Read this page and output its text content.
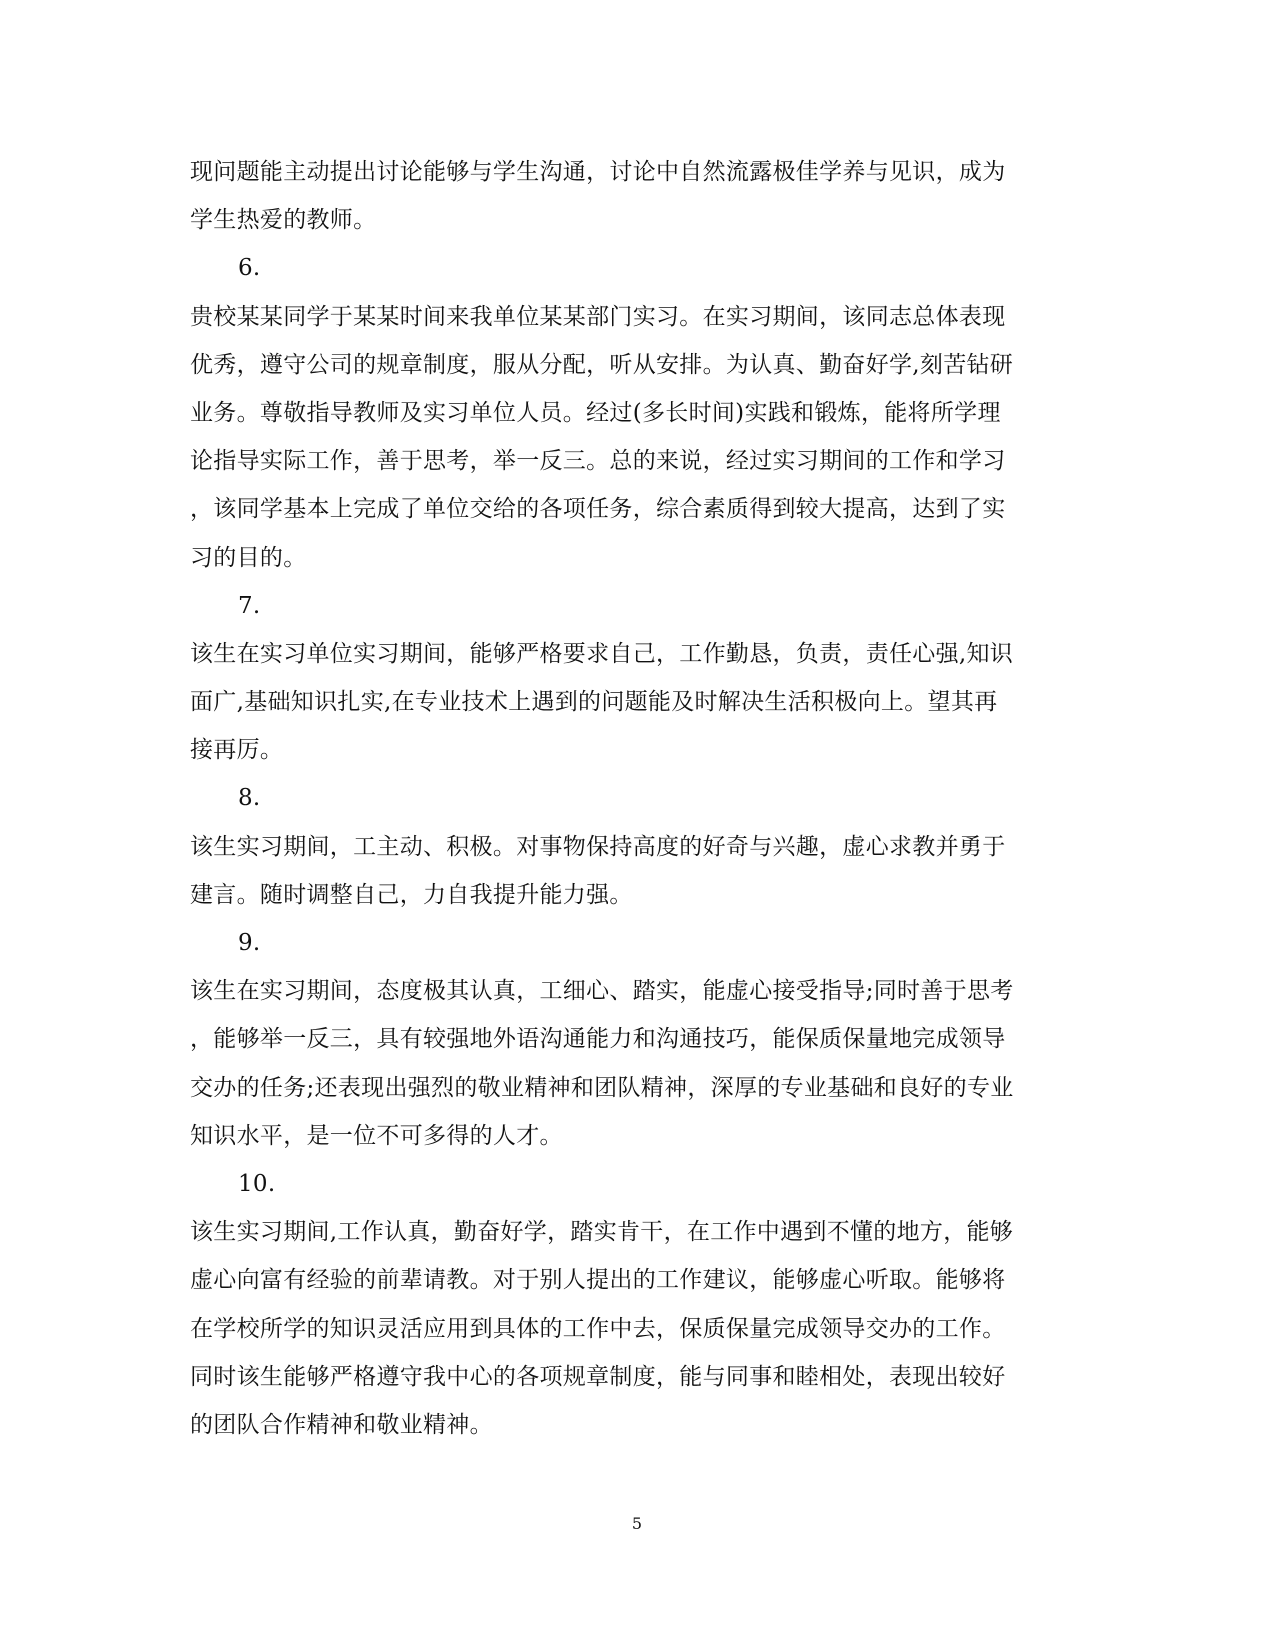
现问题能主动提出讨论能够与学生沟通，讨论中自然流露极佳学养与见识，成为
学生热爱的教师。
6.
贵校某某同学于某某时间来我单位某某部门实习。在实习期间，该同志总体表现
优秀，遵守公司的规章制度，服从分配，听从安排。为认真、勤奋好学,刻苦钻研
业务。尊敬指导教师及实习单位人员。经过(多长时间)实践和锻炼，能将所学理
论指导实际工作，善于思考，举一反三。总的来说，经过实习期间的工作和学习
，该同学基本上完成了单位交给的各项任务，综合素质得到较大提高，达到了实
习的目的。
7.
该生在实习单位实习期间，能够严格要求自己，工作勤恳，负责，责任心强,知识
面广,基础知识扎实,在专业技术上遇到的问题能及时解决生活积极向上。望其再
接再厉。
8.
该生实习期间，工主动、积极。对事物保持高度的好奇与兴趣，虚心求教并勇于
建言。随时调整自己，力自我提升能力强。
9.
该生在实习期间，态度极其认真，工细心、踏实，能虚心接受指导;同时善于思考
，能够举一反三，具有较强地外语沟通能力和沟通技巧，能保质保量地完成领导
交办的任务;还表现出强烈的敬业精神和团队精神，深厚的专业基础和良好的专业
知识水平，是一位不可多得的人才。
10.
该生实习期间,工作认真，勤奋好学，踏实肯干，在工作中遇到不懂的地方，能够
虚心向富有经验的前辈请教。对于别人提出的工作建议，能够虚心听取。能够将
在学校所学的知识灵活应用到具体的工作中去，保质保量完成领导交办的工作。
同时该生能够严格遵守我中心的各项规章制度，能与同事和睦相处，表现出较好
的团队合作精神和敬业精神。
5
